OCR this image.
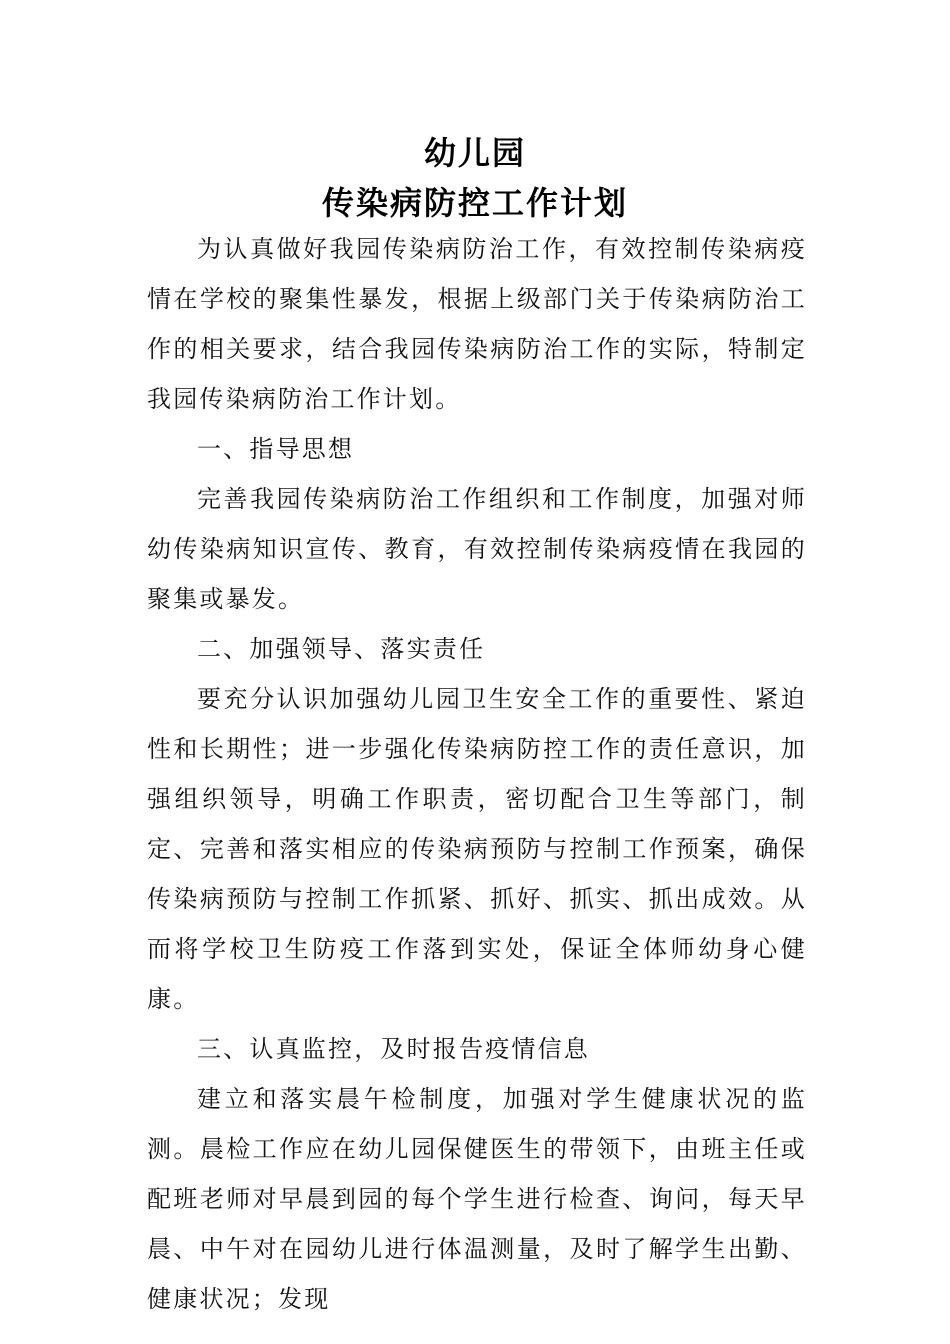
幼儿园
传染病防控工作计划

为认真做好我园传染病防治工作，有效控制传染病疫情在学校的聚集性暴发，根据上级部门关于传染病防治工作的相关要求，结合我园传染病防治工作的实际，特制定我园传染病防治工作计划。

一、指导思想

完善我园传染病防治工作组织和工作制度，加强对师幼传染病知识宣传、教育，有效控制传染病疫情在我园的聚集或暴发。

二、加强领导、落实责任

要充分认识加强幼儿园卫生安全工作的重要性、紧迫性和长期性；进一步强化传染病防控工作的责任意识，加强组织领导，明确工作职责，密切配合卫生等部门，制定、完善和落实相应的传染病预防与控制工作预案，确保传染病预防与控制工作抓紧、抓好、抓实、抓出成效。从而将学校卫生防疫工作落到实处，保证全体师幼身心健康。

三、认真监控，及时报告疫情信息

建立和落实晨午检制度，加强对学生健康状况的监测。晨检工作应在幼儿园保健医生的带领下，由班主任或配班老师对早晨到园的每个学生进行检查、询问，每天早晨、中午对在园幼儿进行体温测量，及时了解学生出勤、健康状况；发现
